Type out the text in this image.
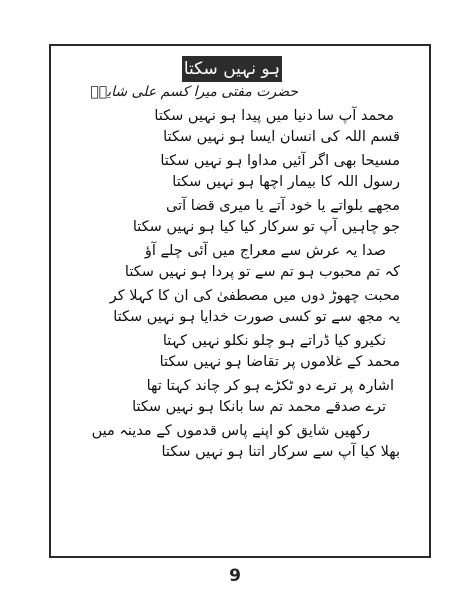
ہو نہیں سکتا
حضرت مفتی میرا کسم علی شایقؔ
محمد آپ سا دنیا میں پیدا ہو نہیں سکتا
قسم اللہ کی انسان ایسا ہو نہیں سکتا
مسیحا بھی اگر آئیں مداوا ہو نہیں سکتا
رسول اللہ کا بیمار اچھا ہو نہیں سکتا
مجھے بلواتے یا خود آتے یا میری قضا آتی
جو چاہیں آپ تو سرکار کیا کیا ہو نہیں سکتا
صدا یہ عرش سے معراج میں آئی چلے آؤ
کہ تم محبوب ہو تم سے تو پردا ہو نہیں سکتا
محبت چھوڑ دوں میں مصطفیٰ کی ان کا کہلا کر
یہ مجھ سے تو کسی صورت خدایا ہو نہیں سکتا
نکیرو کیا ڈراتے ہو چلو نکلو نہیں کہتا
محمد کے غلاموں پر تقاضا ہو نہیں سکتا
اشارہ پر ترے دو ٹکڑے ہو کر چاند کہتا تھا
ترے صدقے محمد تم سا بانکا ہو نہیں سکتا
رکھیں شایق کو اپنے پاس قدموں کے مدینہ میں
بھلا کیا آپ سے سرکار اتنا ہو نہیں سکتا
9
